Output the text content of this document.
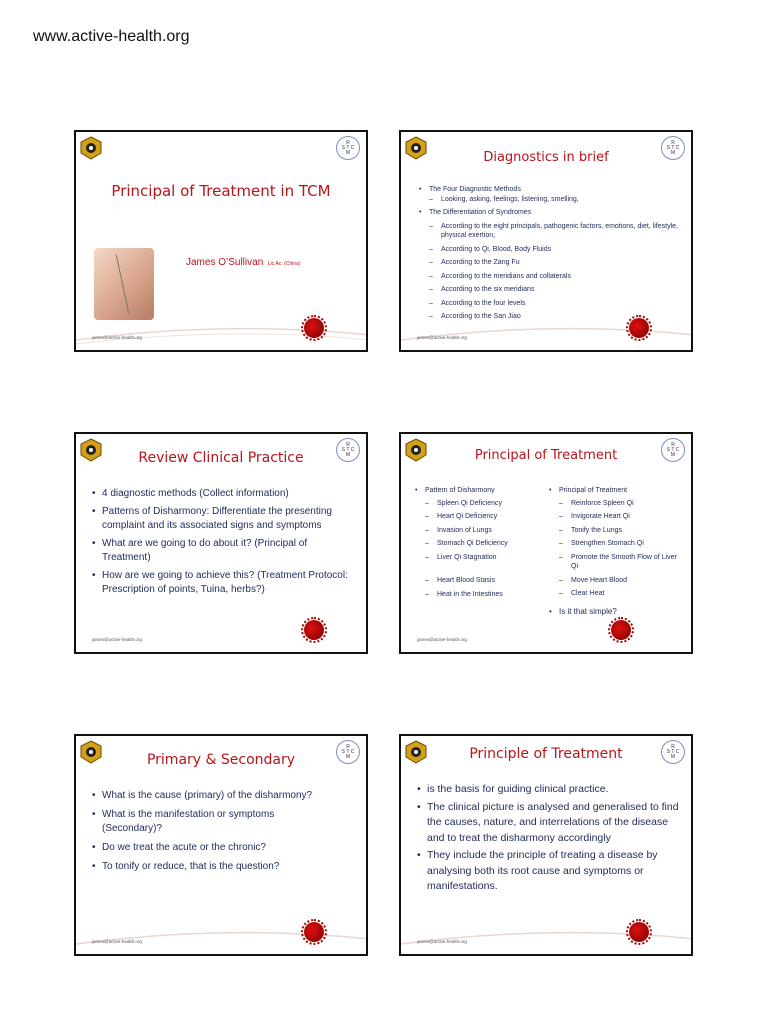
www.active-health.org
R
S T C
M
Principal of Treatment in TCM
James O’Sullivan Lic.Ac. (China)
james@active-health.org
R
S T C
M
Diagnostics in brief
• The Four Diagnostic Methods
– Looking, asking, feelings, listening, smelling,
• The Differentiation of Syndromes
– According to the eight principals, pathogenic factors, emotions, diet, lifestyle, physical exertion,
– According to Qi, Blood, Body Fluids
– According to the Zang Fu
– According to the meridians and collaterals
– According to the six meridians
– According to the four levels
– According to the San Jiao
james@active-health.org
R
S T C
M
Review Clinical Practice
• 4 diagnostic methods (Collect information)
• Patterns of Disharmony: Differentiate the presenting complaint and its associated signs and symptoms
• What are we going to do about it? (Principal of Treatment)
• How are we going to achieve this? (Treatment Protocol: Prescription of points, Tuina, herbs?)
james@active-health.org
R
S T C
M
Principal of Treatment
• Pattern of Disharmony
– Spleen Qi Deficiency
– Heart Qi Deficiency
– Invasion of Lungs
– Stomach Qi Deficiency
– Liver Qi Stagnation
– Heart Blood Stasis
– Heat in the Intestines
• Principal of Treatment
– Reinforce Spleen Qi
– Invigorate Heart Qi
– Tonify the Lungs
– Strengthen Stomach Qi
– Promote the Smooth Flow of Liver Qi
– Move Heart Blood
– Clear Heat
• Is it that simple?
james@active-health.org
R
S T C
M
Primary & Secondary
• What is the cause (primary) of the disharmony?
• What is the manifestation or symptoms (Secondary)?
• Do we treat the acute or the chronic?
• To tonify or reduce, that is the question?
james@active-health.org
R
S T C
M
Principle of Treatment
• is the basis for guiding clinical practice.
• The clinical picture is analysed and generalised to find the causes, nature, and interrelations of the disease and to treat the disharmony accordingly
• They include the principle of treating a disease by analysing both its root cause and symptoms or manifestations.
james@active-health.org
